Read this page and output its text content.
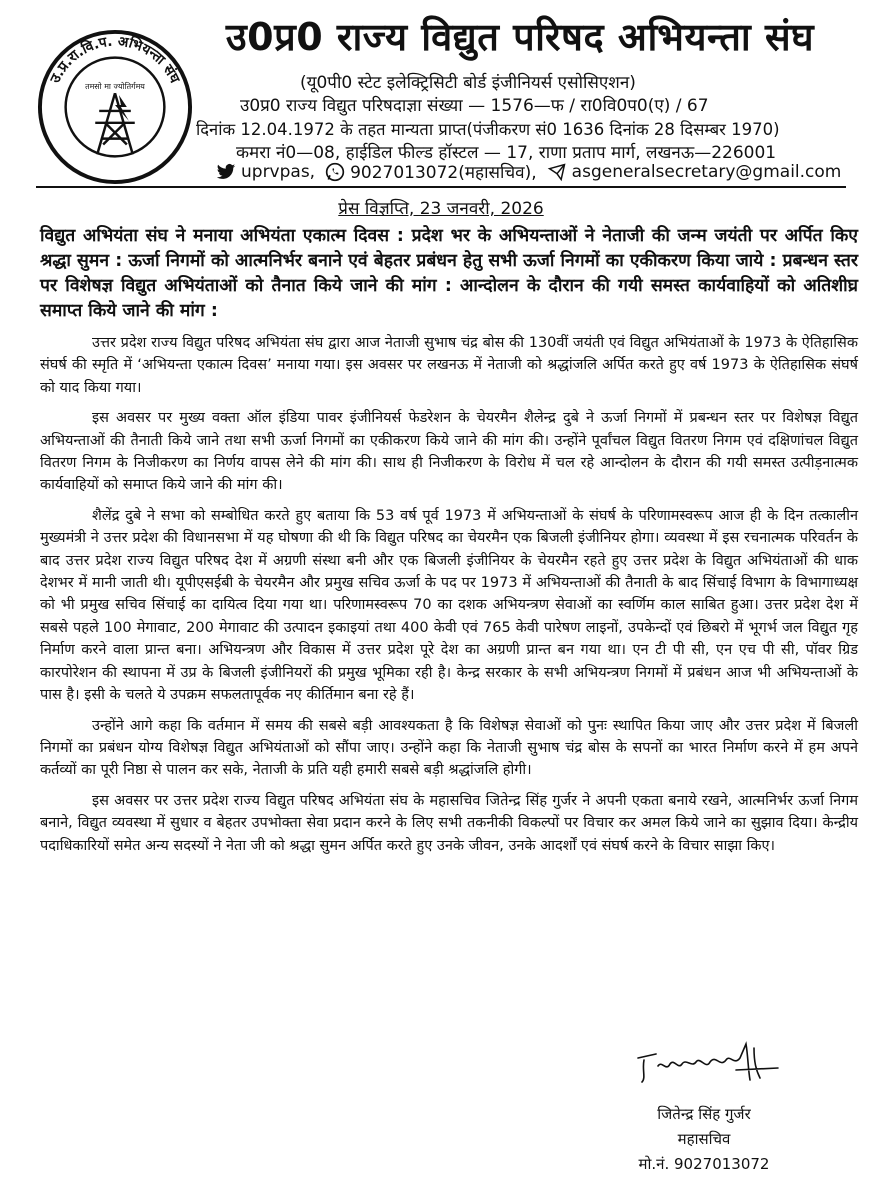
उ.प्र.रा.वि.प. अभियन्ता संघ
तमसो मा ज्योतिर्गमय
उ0प्र0 राज्य विद्युत परिषद अभियन्ता संघ
(यू0पी0 स्टेट इलेक्ट्रिसिटी बोर्ड इंजीनियर्स एसोसिएशन)
उ0प्र0 राज्य विद्युत परिषदाज्ञा संख्या — 1576—फ / रा0वि0प0(ए) / 67
दिनांक 12.04.1972 के तहत मान्यता प्राप्त(पंजीकरण सं0 1636 दिनांक 28 दिसम्बर 1970)
कमरा नं0—08, हाईडिल फील्ड हॉस्टल — 17, राणा प्रताप मार्ग, लखनऊ—226001
uprvpas, 9027013072(महासचिव), asgeneralsecretary@gmail.com
प्रेस विज्ञप्ति, 23 जनवरी, 2026
विद्युत अभियंता संघ ने मनाया अभियंता एकात्म दिवस : प्रदेश भर के अभियन्ताओं ने नेताजी की जन्म जयंती पर अर्पित किए श्रद्धा सुमन : ऊर्जा निगमों को आत्मनिर्भर बनाने एवं बेहतर प्रबंधन हेतु सभी ऊर्जा निगमों का एकीकरण किया जाये : प्रबन्धन स्तर पर विशेषज्ञ विद्युत अभियंताओं को तैनात किये जाने की मांग : आन्दोलन के दौरान की गयी समस्त कार्यवाहियों को अतिशीघ्र समाप्त किये जाने की मांग :

उत्तर प्रदेश राज्य विद्युत परिषद अभियंता संघ द्वारा आज नेताजी सुभाष चंद्र बोस की 130वीं जयंती एवं विद्युत अभियंताओं के 1973 के ऐतिहासिक संघर्ष की स्मृति में ‘अभियन्ता एकात्म दिवस’ मनाया गया। इस अवसर पर लखनऊ में नेताजी को श्रद्धांजलि अर्पित करते हुए वर्ष 1973 के ऐतिहासिक संघर्ष को याद किया गया।

इस अवसर पर मुख्य वक्ता ऑल इंडिया पावर इंजीनियर्स फेडरेशन के चेयरमैन शैलेन्द्र दुबे ने ऊर्जा निगमों में प्रबन्धन स्तर पर विशेषज्ञ विद्युत अभियन्ताओं की तैनाती किये जाने तथा सभी ऊर्जा निगमों का एकीकरण किये जाने की मांग की। उन्होंने पूर्वांचल विद्युत वितरण निगम एवं दक्षिणांचल विद्युत वितरण निगम के निजीकरण का निर्णय वापस लेने की मांग की। साथ ही निजीकरण के विरोध में चल रहे आन्दोलन के दौरान की गयी समस्त उत्पीड़नात्मक कार्यवाहियों को समाप्त किये जाने की मांग की।

शैलेंद्र दुबे ने सभा को सम्बोधित करते हुए बताया कि 53 वर्ष पूर्व 1973 में अभियन्ताओं के संघर्ष के परिणामस्वरूप आज ही के दिन तत्कालीन मुख्यमंत्री ने उत्तर प्रदेश की विधानसभा में यह घोषणा की थी कि विद्युत परिषद का चेयरमैन एक बिजली इंजीनियर होगा। व्यवस्था में इस रचनात्मक परिवर्तन के बाद उत्तर प्रदेश राज्य विद्युत परिषद देश में अग्रणी संस्था बनी और एक बिजली इंजीनियर के चेयरमैन रहते हुए उत्तर प्रदेश के विद्युत अभियंताओं की धाक देशभर में मानी जाती थी। यूपीएसईबी के चेयरमैन और प्रमुख सचिव ऊर्जा के पद पर 1973 में अभियन्ताओं की तैनाती के बाद सिंचाई विभाग के विभागाध्यक्ष को भी प्रमुख सचिव सिंचाई का दायित्व दिया गया था। परिणामस्वरूप 70 का दशक अभियन्त्रण सेवाओं का स्वर्णिम काल साबित हुआ। उत्तर प्रदेश देश में सबसे पहले 100 मेगावाट, 200 मेगावाट की उत्पादन इकाइयां तथा 400 केवी एवं 765 केवी पारेषण लाइनों, उपकेन्दों एवं छिबरो में भूगर्भ जल विद्युत गृह निर्माण करने वाला प्रान्त बना। अभियन्त्रण और विकास में उत्तर प्रदेश पूरे देश का अग्रणी प्रान्त बन गया था। एन टी पी सी, एन एच पी सी, पॉवर ग्रिड कारपोरेशन की स्थापना में उप्र के बिजली इंजीनियरों की प्रमुख भूमिका रही है। केन्द्र सरकार के सभी अभियन्त्रण निगमों में प्रबंधन आज भी अभियन्ताओं के पास है। इसी के चलते ये उपक्रम सफलतापूर्वक नए कीर्तिमान बना रहे हैं।

उन्होंने आगे कहा कि वर्तमान में समय की सबसे बड़ी आवश्यकता है कि विशेषज्ञ सेवाओं को पुनः स्थापित किया जाए और उत्तर प्रदेश में बिजली निगमों का प्रबंधन योग्य विशेषज्ञ विद्युत अभियंताओं को सौंपा जाए। उन्होंने कहा कि नेताजी सुभाष चंद्र बोस के सपनों का भारत निर्माण करने में हम अपने कर्तव्यों का पूरी निष्ठा से पालन कर सके, नेताजी के प्रति यही हमारी सबसे बड़ी श्रद्धांजलि होगी।

इस अवसर पर उत्तर प्रदेश राज्य विद्युत परिषद अभियंता संघ के महासचिव जितेन्द्र सिंह गुर्जर ने अपनी एकता बनाये रखने, आत्मनिर्भर ऊर्जा निगम बनाने, विद्युत व्यवस्था में सुधार व बेहतर उपभोक्ता सेवा प्रदान करने के लिए सभी तकनीकी विकल्पों पर विचार कर अमल किये जाने का सुझाव दिया। केन्द्रीय पदाधिकारियों समेत अन्य सदस्यों ने नेता जी को श्रद्धा सुमन अर्पित करते हुए उनके जीवन, उनके आदर्शों एवं संघर्ष करने के विचार साझा किए।

जितेन्द्र सिंह गुर्जर
महासचिव
मो.नं. 9027013072
